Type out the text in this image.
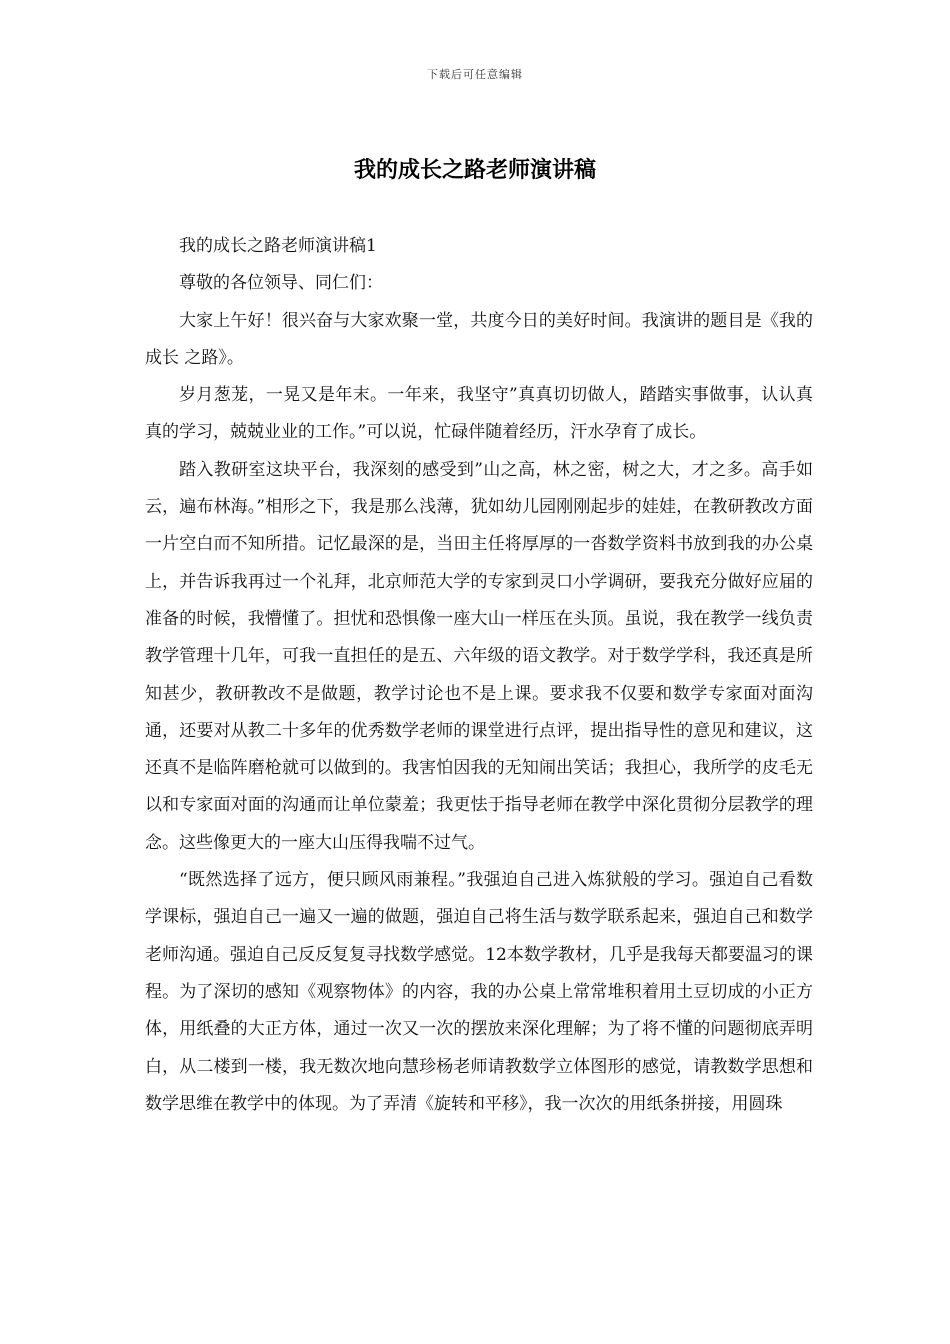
下载后可任意编辑
我的成长之路老师演讲稿

我的成长之路老师演讲稿1

尊敬的各位领导、同仁们：

大家上午好！很兴奋与大家欢聚一堂，共度今日的美好时间。我演讲的题目是《我的成长 之路》。

岁月葱茏，一晃又是年末。一年来，我坚守”真真切切做人，踏踏实事做事，认认真真的学习，兢兢业业的工作。”可以说，忙碌伴随着经历，汗水孕育了成长。

踏入教研室这块平台，我深刻的感受到”山之高，林之密，树之大，才之多。高手如云，遍布林海。”相形之下，我是那么浅薄，犹如幼儿园刚刚起步的娃娃，在教研教改方面一片空白而不知所措。记忆最深的是，当田主任将厚厚的一沓数学资料书放到我的办公桌上，并告诉我再过一个礼拜，北京师范大学的专家到灵口小学调研，要我充分做好应届的准备的时候，我懵懂了。担忧和恐惧像一座大山一样压在头顶。虽说，我在教学一线负责教学管理十几年，可我一直担任的是五、六年级的语文教学。对于数学学科，我还真是所知甚少，教研教改不是做题，教学讨论也不是上课。要求我不仅要和数学专家面对面沟通，还要对从教二十多年的优秀数学老师的课堂进行点评，提出指导性的意见和建议，这还真不是临阵磨枪就可以做到的。我害怕因我的无知闹出笑话；我担心，我所学的皮毛无以和专家面对面的沟通而让单位蒙羞；我更怯于指导老师在教学中深化贯彻分层教学的理念。这些像更大的一座大山压得我喘不过气。

“既然选择了远方，便只顾风雨兼程。”我强迫自己进入炼狱般的学习。强迫自己看数学课标，强迫自己一遍又一遍的做题，强迫自己将生活与数学联系起来，强迫自己和数学老师沟通。强迫自己反反复复寻找数学感觉。12本数学教材，几乎是我每天都要温习的课程。为了深切的感知《观察物体》的内容，我的办公桌上常常堆积着用土豆切成的小正方体，用纸叠的大正方体，通过一次又一次的摆放来深化理解；为了将不懂的问题彻底弄明白，从二楼到一楼，我无数次地向慧珍杨老师请教数学立体图形的感觉，请教数学思想和数学思维在教学中的体现。为了弄清《旋转和平移》，我一次次的用纸条拼接，用圆珠
